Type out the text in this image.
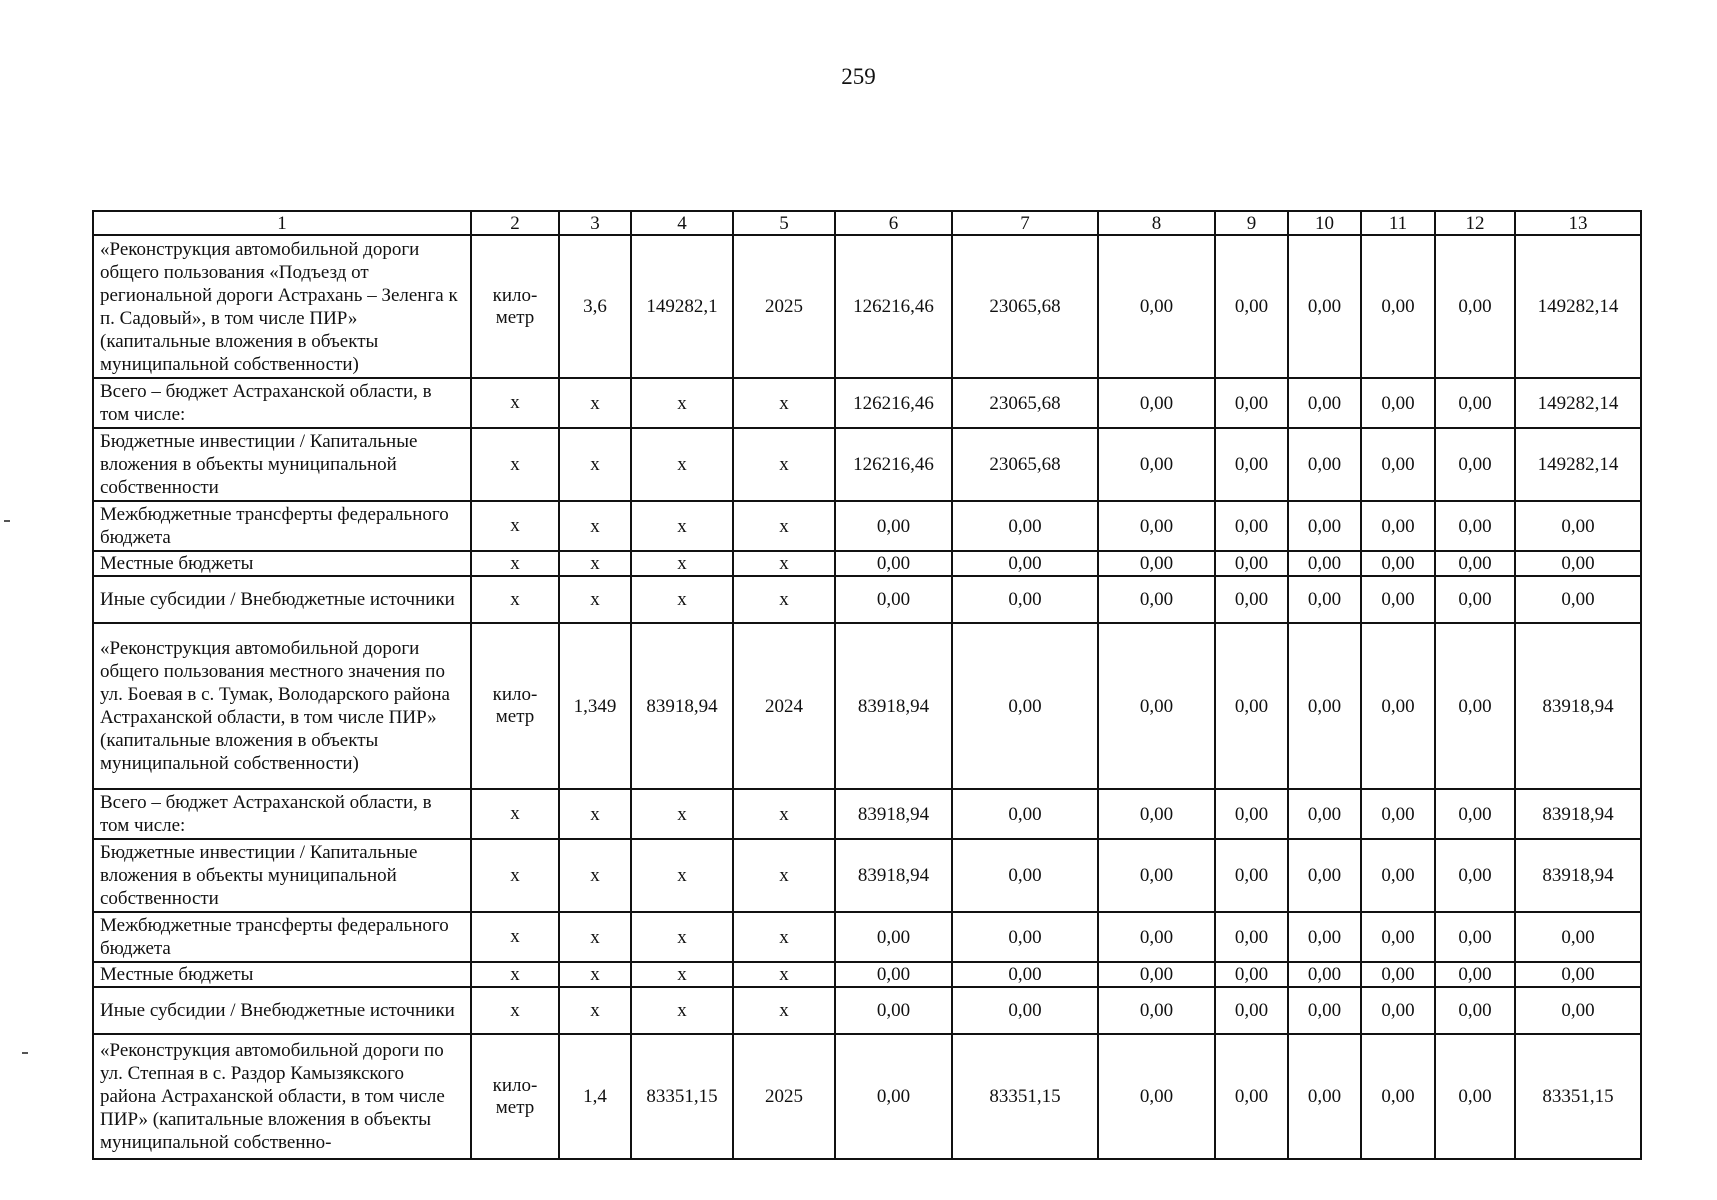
259
1	2	3	4	5	6	7	8	9	10	11	12	13
«Реконструкция автомобильной дороги общего пользования «Подъезд от региональной дороги Астрахань – Зеленга к п. Садовый», в том числе ПИР» (капитальные вложения в объекты муниципальной собственности)	кило-метр	3,6	149282,1	2025	126216,46	23065,68	0,00	0,00	0,00	0,00	0,00	149282,14
Всего – бюджет Астраханской области, в том числе:	x	x	x	x	126216,46	23065,68	0,00	0,00	0,00	0,00	0,00	149282,14
Бюджетные инвестиции / Капитальные вложения в объекты муниципальной собственности	x	x	x	x	126216,46	23065,68	0,00	0,00	0,00	0,00	0,00	149282,14
Межбюджетные трансферты федерального бюджета	x	x	x	x	0,00	0,00	0,00	0,00	0,00	0,00	0,00	0,00
Местные бюджеты	x	x	x	x	0,00	0,00	0,00	0,00	0,00	0,00	0,00	0,00
Иные субсидии / Внебюджетные источники	x	x	x	x	0,00	0,00	0,00	0,00	0,00	0,00	0,00	0,00
«Реконструкция автомобильной дороги общего пользования местного значения по ул. Боевая в с. Тумак, Володарского района Астраханской области, в том числе ПИР» (капитальные вложения в объекты муниципальной собственности)	кило-метр	1,349	83918,94	2024	83918,94	0,00	0,00	0,00	0,00	0,00	0,00	83918,94
Всего – бюджет Астраханской области, в том числе:	x	x	x	x	83918,94	0,00	0,00	0,00	0,00	0,00	0,00	83918,94
Бюджетные инвестиции / Капитальные вложения в объекты муниципальной собственности	x	x	x	x	83918,94	0,00	0,00	0,00	0,00	0,00	0,00	83918,94
Межбюджетные трансферты федерального бюджета	x	x	x	x	0,00	0,00	0,00	0,00	0,00	0,00	0,00	0,00
Местные бюджеты	x	x	x	x	0,00	0,00	0,00	0,00	0,00	0,00	0,00	0,00
Иные субсидии / Внебюджетные источники	x	x	x	x	0,00	0,00	0,00	0,00	0,00	0,00	0,00	0,00
«Реконструкция автомобильной дороги по ул. Степная в с. Раздор Камызякского района Астраханской области, в том числе ПИР» (капитальные вложения в объекты муниципальной собственно-	кило-метр	1,4	83351,15	2025	0,00	83351,15	0,00	0,00	0,00	0,00	0,00	83351,15
